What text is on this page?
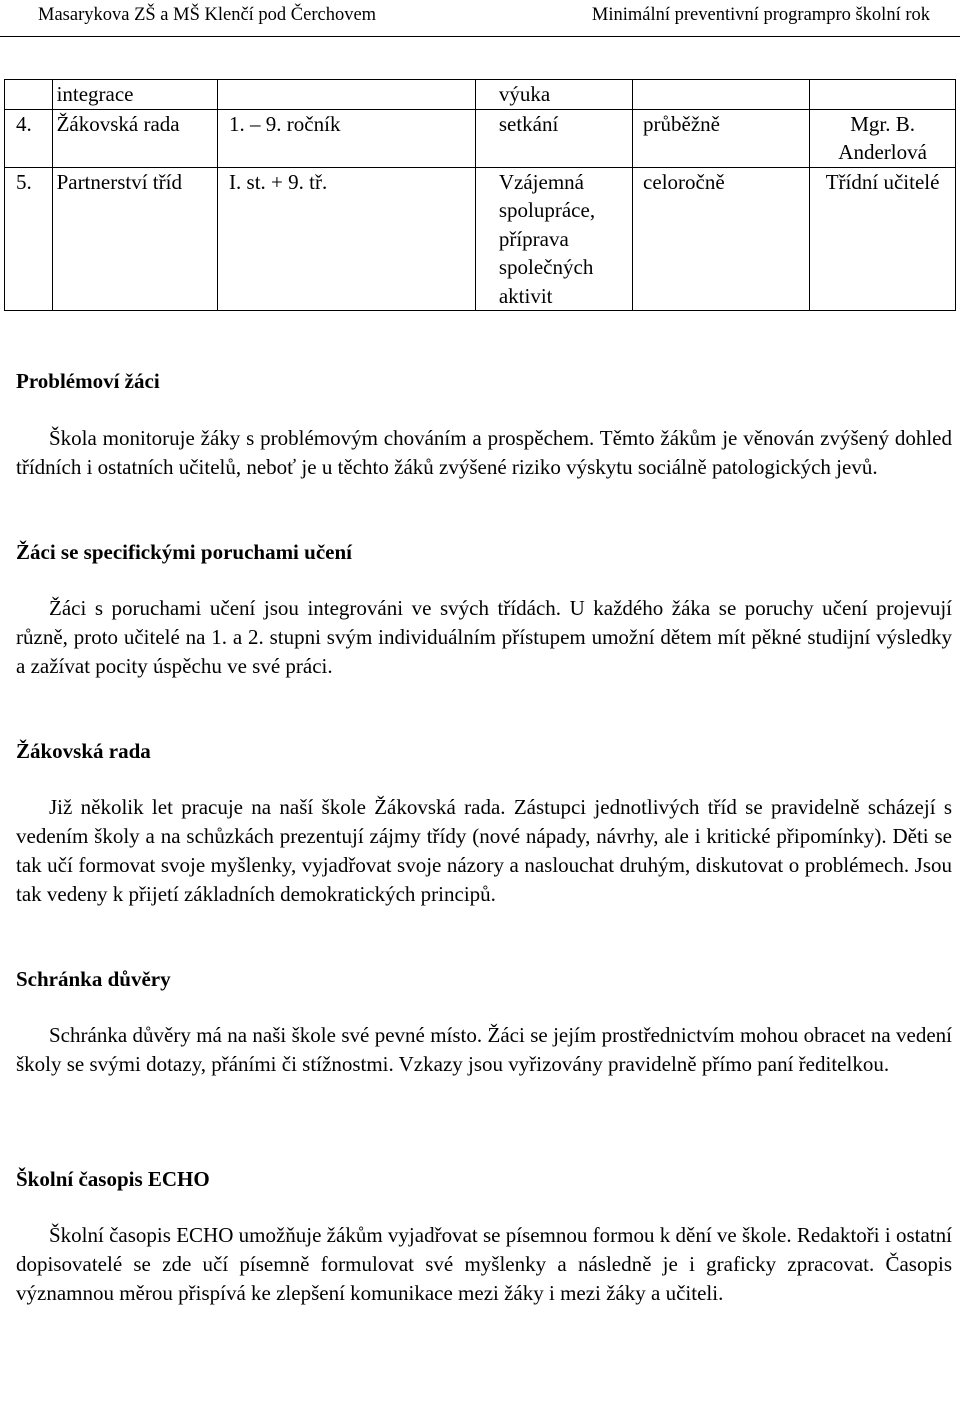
Masarykova ZŠ a MŠ Klenčí pod Čerchovem	Minimální preventivní programpro školní rok
	integrace		výuka		
4.	Žákovská rada	1. – 9. ročník	setkání	průběžně	Mgr. B. Anderlová
5.	Partnerství tříd	I. st. + 9. tř.	Vzájemná spolupráce, příprava společných aktivit	celoročně	Třídní učitelé
Problémoví žáci

Škola monitoruje žáky s problémovým chováním a prospěchem. Těmto žákům je věnován zvýšený dohled třídních i ostatních učitelů, neboť je u těchto žáků zvýšené riziko výskytu sociálně patologických jevů.

Žáci se specifickými poruchami učení

Žáci s poruchami učení jsou integrováni ve svých třídách. U každého žáka se poruchy učení projevují různě, proto učitelé na 1. a 2. stupni svým individuálním přístupem umožní dětem mít pěkné studijní výsledky a zažívat pocity úspěchu ve své práci.

Žákovská rada

Již několik let pracuje na naší škole Žákovská rada. Zástupci jednotlivých tříd se pravidelně scházejí s vedením školy a na schůzkách prezentují zájmy třídy (nové nápady, návrhy, ale i kritické připomínky). Děti se tak učí formovat svoje myšlenky, vyjadřovat svoje názory a naslouchat druhým, diskutovat o problémech. Jsou tak vedeny k přijetí základních demokratických principů.

Schránka důvěry

Schránka důvěry má na naši škole své pevné místo. Žáci se jejím prostřednictvím mohou obracet na vedení školy se svými dotazy, přáními či stížnostmi. Vzkazy jsou vyřizovány pravidelně přímo paní ředitelkou.

Školní časopis ECHO

Školní časopis ECHO umožňuje žákům vyjadřovat se písemnou formou k dění ve škole. Redaktoři i ostatní dopisovatelé se zde učí písemně formulovat své myšlenky a následně je i graficky zpracovat. Časopis významnou měrou přispívá ke zlepšení komunikace mezi žáky i mezi žáky a učiteli.
